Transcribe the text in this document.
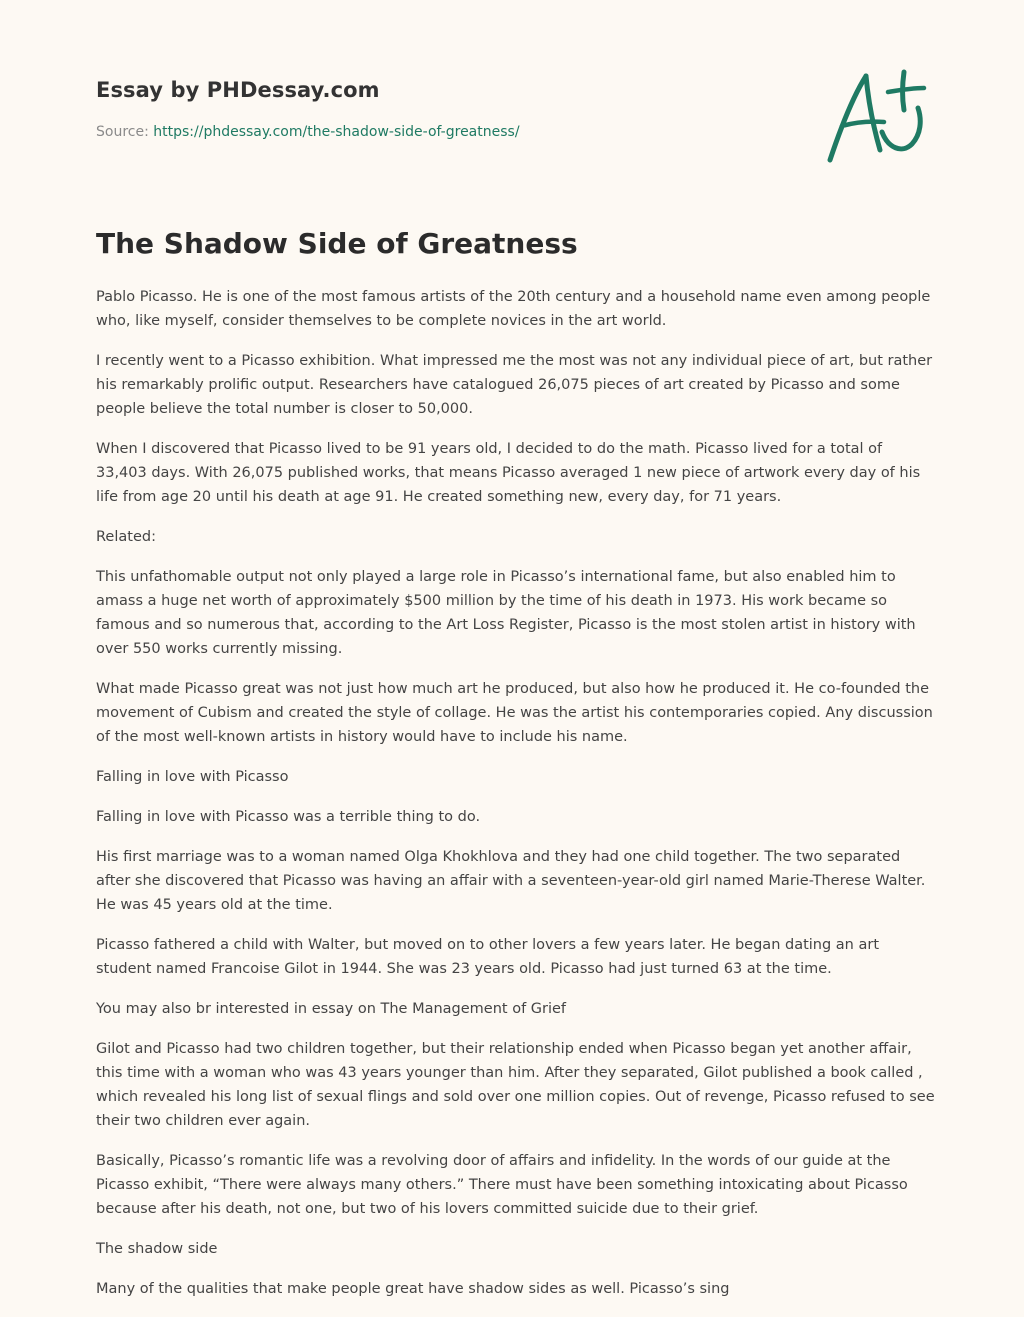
Essay by PHDessay.com
Source: https://phdessay.com/the-shadow-side-of-greatness/
The Shadow Side of Greatness

Pablo Picasso. He is one of the most famous artists of the 20th century and a household name even among people who, like myself, consider themselves to be complete novices in the art world.

I recently went to a Picasso exhibition. What impressed me the most was not any individual piece of art, but rather his remarkably prolific output. Researchers have catalogued 26,075 pieces of art created by Picasso and some people believe the total number is closer to 50,000.

When I discovered that Picasso lived to be 91 years old, I decided to do the math. Picasso lived for a total of 33,403 days. With 26,075 published works, that means Picasso averaged 1 new piece of artwork every day of his life from age 20 until his death at age 91. He created something new, every day, for 71 years.

Related:

This unfathomable output not only played a large role in Picasso’s international fame, but also enabled him to amass a huge net worth of approximately $500 million by the time of his death in 1973. His work became so famous and so numerous that, according to the Art Loss Register, Picasso is the most stolen artist in history with over 550 works currently missing.

What made Picasso great was not just how much art he produced, but also how he produced it. He co-founded the movement of Cubism and created the style of collage. He was the artist his contemporaries copied. Any discussion of the most well-known artists in history would have to include his name.

Falling in love with Picasso

Falling in love with Picasso was a terrible thing to do.

His first marriage was to a woman named Olga Khokhlova and they had one child together. The two separated after she discovered that Picasso was having an affair with a seventeen-year-old girl named Marie-Therese Walter. He was 45 years old at the time.

Picasso fathered a child with Walter, but moved on to other lovers a few years later. He began dating an art student named Francoise Gilot in 1944. She was 23 years old. Picasso had just turned 63 at the time.

You may also br interested in essay on The Management of Grief

Gilot and Picasso had two children together, but their relationship ended when Picasso began yet another affair, this time with a woman who was 43 years younger than him. After they separated, Gilot published a book called , which revealed his long list of sexual flings and sold over one million copies. Out of revenge, Picasso refused to see their two children ever again.

Basically, Picasso’s romantic life was a revolving door of affairs and infidelity. In the words of our guide at the Picasso exhibit, “There were always many others.” There must have been something intoxicating about Picasso because after his death, not one, but two of his lovers committed suicide due to their grief.

The shadow side

Many of the qualities that make people great have shadow sides as well. Picasso’s sing
